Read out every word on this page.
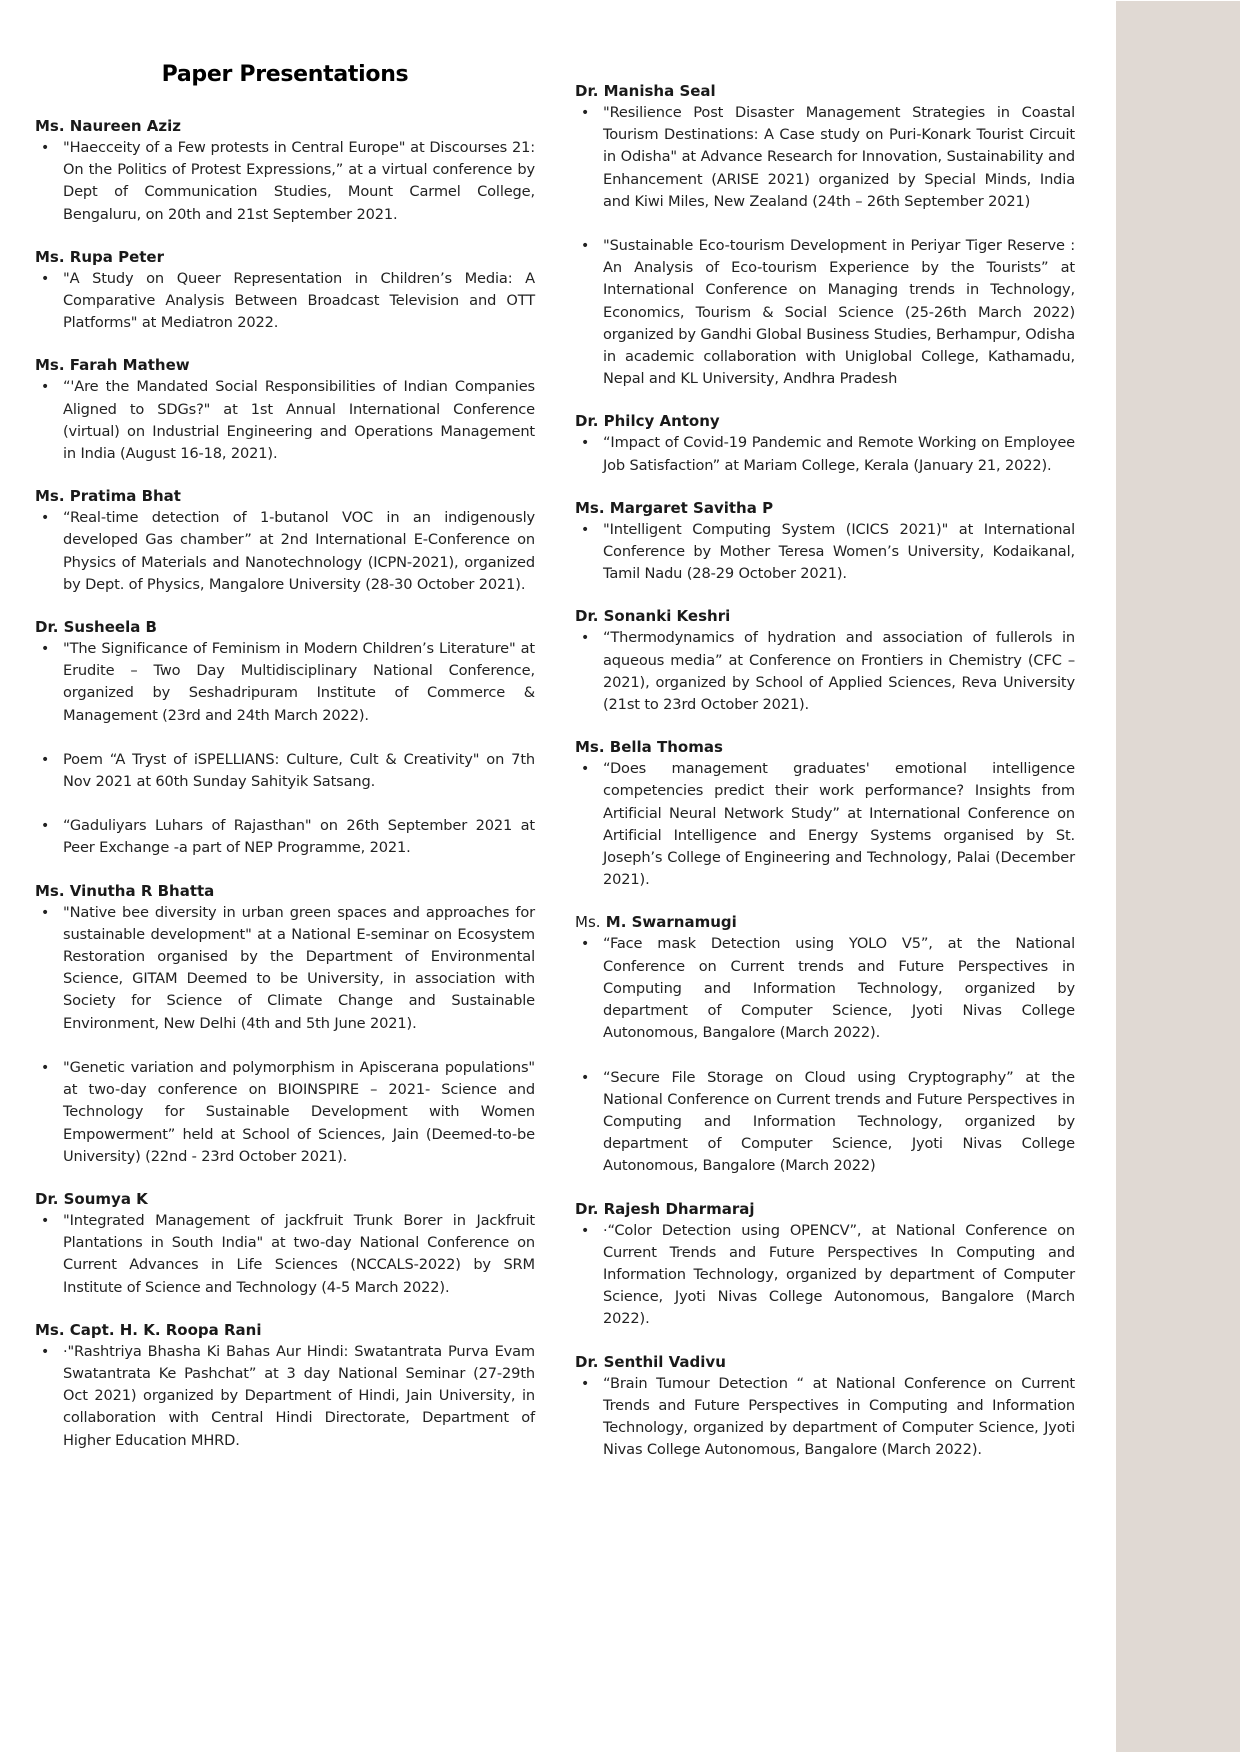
Paper Presentations
Ms. Naureen Aziz
• "Haecceity of a Few protests in Central Europe" at Discourses 21: On the Politics of Protest Expressions,” at a virtual conference by Dept of Communication Studies, Mount Carmel College, Bengaluru, on 20th and 21st September 2021.
Ms. Rupa Peter
• "A Study on Queer Representation in Children’s Media: A Comparative Analysis Between Broadcast Television and OTT Platforms" at Mediatron 2022.
Ms. Farah Mathew
• “'Are the Mandated Social Responsibilities of Indian Companies Aligned to SDGs?" at 1st Annual International Conference (virtual) on Industrial Engineering and Operations Management in India (August 16-18, 2021).
Ms. Pratima Bhat
• “Real-time detection of 1-butanol VOC in an indigenously developed Gas chamber” at 2nd International E-Conference on Physics of Materials and Nanotechnology (ICPN-2021), organized by Dept. of Physics, Mangalore University (28-30 October 2021).
Dr. Susheela B
• "The Significance of Feminism in Modern Children’s Literature" at Erudite – Two Day Multidisciplinary National Conference, organized by Seshadripuram Institute of Commerce & Management (23rd and 24th March 2022).
• Poem “A Tryst of iSPELLIANS: Culture, Cult & Creativity" on 7th Nov 2021 at 60th Sunday Sahityik Satsang.
• “Gaduliyars Luhars of Rajasthan" on 26th September 2021 at Peer Exchange -a part of NEP Programme, 2021.
Ms. Vinutha R Bhatta
• "Native bee diversity in urban green spaces and approaches for sustainable development" at a National E-seminar on Ecosystem Restoration organised by the Department of Environmental Science, GITAM Deemed to be University, in association with Society for Science of Climate Change and Sustainable Environment, New Delhi (4th and 5th June 2021).
• "Genetic variation and polymorphism in Apiscerana populations" at two-day conference on BIOINSPIRE – 2021- Science and Technology for Sustainable Development with Women Empowerment” held at School of Sciences, Jain (Deemed-to-be University) (22nd - 23rd October 2021).
Dr. Soumya K
• "Integrated Management of jackfruit Trunk Borer in Jackfruit Plantations in South India" at two-day National Conference on Current Advances in Life Sciences (NCCALS-2022) by SRM Institute of Science and Technology (4-5 March 2022).
Ms. Capt. H. K. Roopa Rani
• ·"Rashtriya Bhasha Ki Bahas Aur Hindi: Swatantrata Purva Evam Swatantrata Ke Pashchat” at 3 day National Seminar (27-29th Oct 2021) organized by Department of Hindi, Jain University, in collaboration with Central Hindi Directorate, Department of Higher Education MHRD.
Dr. Manisha Seal
• "Resilience Post Disaster Management Strategies in Coastal Tourism Destinations: A Case study on Puri-Konark Tourist Circuit in Odisha" at Advance Research for Innovation, Sustainability and Enhancement (ARISE 2021) organized by Special Minds, India and Kiwi Miles, New Zealand (24th – 26th September 2021)
• "Sustainable Eco-tourism Development in Periyar Tiger Reserve : An Analysis of Eco-tourism Experience by the Tourists” at International Conference on Managing trends in Technology, Economics, Tourism & Social Science (25-26th March 2022) organized by Gandhi Global Business Studies, Berhampur, Odisha in academic collaboration with Uniglobal College, Kathamadu, Nepal and KL University, Andhra Pradesh
Dr. Philcy Antony
• “Impact of Covid-19 Pandemic and Remote Working on Employee Job Satisfaction” at Mariam College, Kerala (January 21, 2022).
Ms. Margaret Savitha P
• "Intelligent Computing System (ICICS 2021)" at International Conference by Mother Teresa Women’s University, Kodaikanal, Tamil Nadu (28-29 October 2021).
Dr. Sonanki Keshri
• “Thermodynamics of hydration and association of fullerols in aqueous media” at Conference on Frontiers in Chemistry (CFC – 2021), organized by School of Applied Sciences, Reva University (21st to 23rd October 2021).
Ms. Bella Thomas
• “Does management graduates' emotional intelligence competencies predict their work performance? Insights from Artificial Neural Network Study” at International Conference on Artificial Intelligence and Energy Systems organised by St. Joseph’s College of Engineering and Technology, Palai (December 2021).
Ms. M. Swarnamugi
• “Face mask Detection using YOLO V5”, at the National Conference on Current trends and Future Perspectives in Computing and Information Technology, organized by department of Computer Science, Jyoti Nivas College Autonomous, Bangalore (March 2022).
• “Secure File Storage on Cloud using Cryptography” at the National Conference on Current trends and Future Perspectives in Computing and Information Technology, organized by department of Computer Science, Jyoti Nivas College Autonomous, Bangalore (March 2022)
Dr. Rajesh Dharmaraj
• ·“Color Detection using OPENCV”, at National Conference on Current Trends and Future Perspectives In Computing and Information Technology, organized by department of Computer Science, Jyoti Nivas College Autonomous, Bangalore (March 2022).
Dr. Senthil Vadivu
• “Brain Tumour Detection “ at National Conference on Current Trends and Future Perspectives in Computing and Information Technology, organized by department of Computer Science, Jyoti Nivas College Autonomous, Bangalore (March 2022).
